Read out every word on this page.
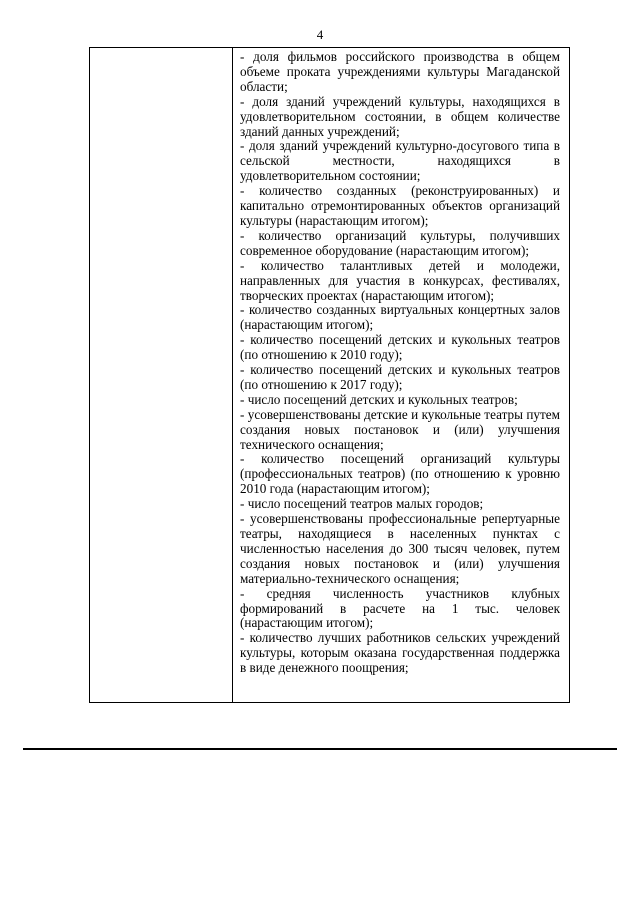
4

- доля фильмов российского производства в общем объеме проката учреждениями культуры Магаданской области;

- доля зданий учреждений культуры, находящихся в удовлетворительном состоянии, в общем количестве зданий данных учреждений;

- доля зданий учреждений культурно-досугового типа в сельской местности, находящихся в удовлетворительном состоянии;

- количество созданных (реконструированных) и капитально отремонтированных объектов организаций культуры (нарастающим итогом);

- количество организаций культуры, получивших современное оборудование (нарастающим итогом);

- количество талантливых детей и молодежи, направленных для участия в конкурсах, фестивалях, творческих проектах (нарастающим итогом);

- количество созданных виртуальных концертных залов (нарастающим итогом);

- количество посещений детских и кукольных театров (по отношению к 2010 году);

- количество посещений детских и кукольных театров (по отношению к 2017 году);

- число посещений детских и кукольных театров;

- усовершенствованы детские и кукольные театры путем создания новых постановок и (или) улучшения технического оснащения;

- количество посещений организаций культуры (профессиональных театров) (по отношению к уровню 2010 года (нарастающим итогом);

- число посещений театров малых городов;

- усовершенствованы профессиональные репертуарные театры, находящиеся в населенных пунктах с численностью населения до 300 тысяч человек, путем создания новых постановок и (или) улучшения материально-технического оснащения;

- средняя численность участников клубных формирований в расчете на 1 тыс. человек (нарастающим итогом);

- количество лучших работников сельских учреждений культуры, которым оказана государственная поддержка в виде денежного поощрения;
